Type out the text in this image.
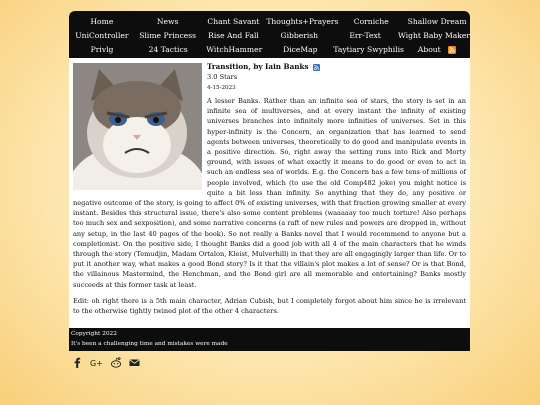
Home	News	Chant Savant Thoughts+Prayers	Corniche	Shallow Dream
UniController	Slime Princess	Rise And Fall	Gibberish	Err-Text	Wight Baby Maker
Privlg	24 Tactics	WitchHammer	DiceMap	Taytiary Swyphilis	About

Transition, by Iain Banks

3.0 Stars

4-15-2023

A lesser Banks. Rather than an infinite sea of stars, the story is set in an infinite sea of multiverses, and at every instant the infinity of existing universes branches into infinitely more infinities of universes. Set in this hyper-infinity is the Concern, an organization that has learned to send agents between universes, theoretically to do good and manipulate events in a positive direction. So, right away the setting runs into Rick and Morty ground, with issues of what exactly it means to do good or even to act in such an endless sea of worlds. E.g. the Concern has a few tens of millions of people involved, which (to use the old Comp482 joke) you might notice is quite a bit less than infinity. So anything that they do, any positive or negative outcome of the story, is going to affect 0% of existing universes, with that fraction growing smaller at every instant. Besides this structural issue, there's also some content problems (waaaaay too much torture! Also perhaps too much sex and sexposition), and some narrative concerns (a raft of new rules and powers are dropped in, without any setup, in the last 40 pages of the book). So not really a Banks novel that I would recommend to anyone but a completionist. On the positive side, I thought Banks did a good job with all 4 of the main characters that he winds through the story (Temudjin, Madam Ortalon, Kleist, Mulverhill) in that they are all engagingly larger than life. Or to put it another way, what makes a good Bond story? Is it that the villain's plot makes a lot of sense? Or is that Bond, the villainous Mastermind, the Henchman, and the Bond girl are all memorable and entertaining? Banks mostly succeeds at this former task at least.

Edit: oh right there is a 5th main character, Adrian Cubish, but I completely forgot about him since he is irrelevant to the otherwise tightly twined plot of the other 4 characters.

Copyright 2022
It's been a challenging time and mistakes were made
G+
